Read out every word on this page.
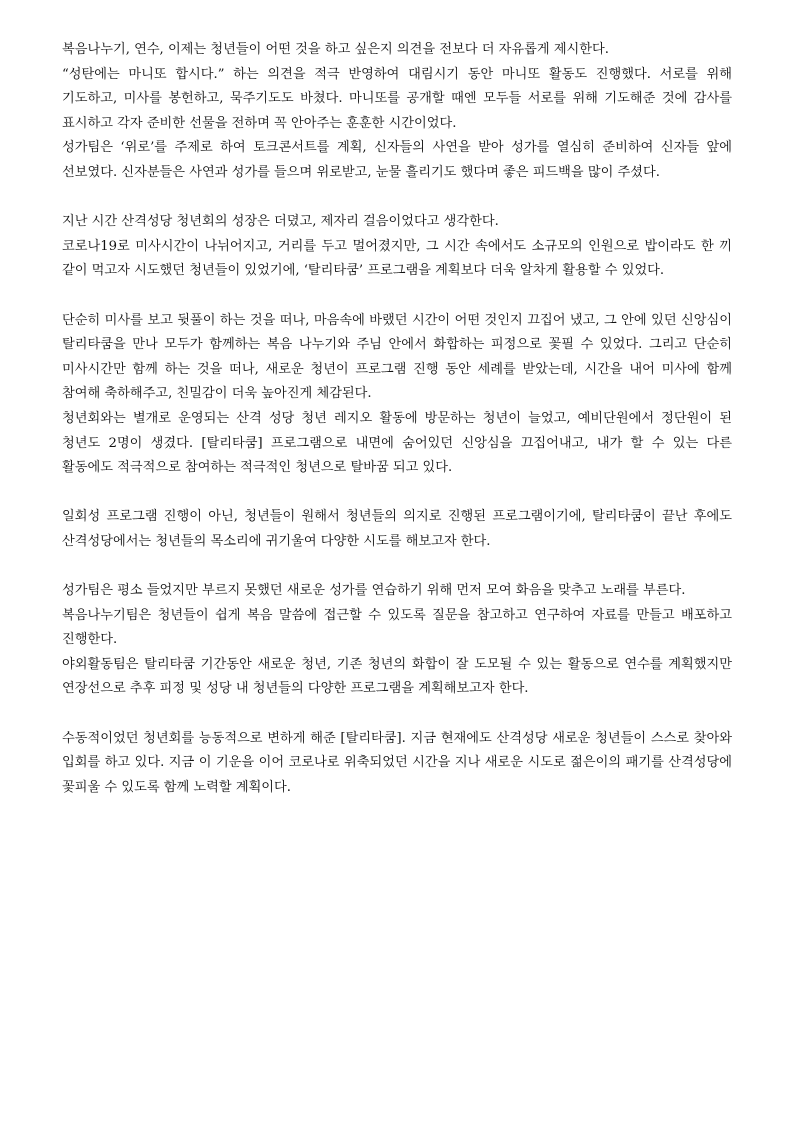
복음나누기, 연수, 이제는 청년들이 어떤 것을 하고 싶은지 의견을 전보다 더 자유롭게 제시한다.

“성탄에는 마니또 합시다.” 하는 의견을 적극 반영하여 대림시기 동안 마니또 활동도 진행했다. 서로를 위해 기도하고, 미사를 봉헌하고, 묵주기도도 바쳤다. 마니또를 공개할 때엔 모두들 서로를 위해 기도해준 것에 감사를 표시하고 각자 준비한 선물을 전하며 꼭 안아주는 훈훈한 시간이었다.

성가팀은 ‘위로’를 주제로 하여 토크콘서트를 계획, 신자들의 사연을 받아 성가를 열심히 준비하여 신자들 앞에 선보였다. 신자분들은 사연과 성가를 들으며 위로받고, 눈물 흘리기도 했다며 좋은 피드백을 많이 주셨다.

지난 시간 산격성당 청년회의 성장은 더뎠고, 제자리 걸음이었다고 생각한다.

코로나19로 미사시간이 나뉘어지고, 거리를 두고 멀어졌지만, 그 시간 속에서도 소규모의 인원으로 밥이라도 한 끼 같이 먹고자 시도했던 청년들이 있었기에, ‘탈리타쿰’ 프로그램을 계획보다 더욱 알차게 활용할 수 있었다.

단순히 미사를 보고 뒷풀이 하는 것을 떠나, 마음속에 바랬던 시간이 어떤 것인지 끄집어 냈고, 그 안에 있던 신앙심이 탈리타쿰을 만나 모두가 함께하는 복음 나누기와 주님 안에서 화합하는 피정으로 꽃필 수 있었다. 그리고 단순히 미사시간만 함께 하는 것을 떠나, 새로운 청년이 프로그램 진행 동안 세례를 받았는데, 시간을 내어 미사에 함께 참여해 축하해주고, 친밀감이 더욱 높아진게 체감된다.

청년회와는 별개로 운영되는 산격 성당 청년 레지오 활동에 방문하는 청년이 늘었고, 예비단원에서 정단원이 된 청년도 2명이 생겼다. [탈리타쿰] 프로그램으로 내면에 숨어있던 신앙심을 끄집어내고, 내가 할 수 있는 다른 활동에도 적극적으로 참여하는 적극적인 청년으로 탈바꿈 되고 있다.

일회성 프로그램 진행이 아닌, 청년들이 원해서 청년들의 의지로 진행된 프로그램이기에, 탈리타쿰이 끝난 후에도 산격성당에서는 청년들의 목소리에 귀기울여 다양한 시도를 해보고자 한다.

성가팀은 평소 들었지만 부르지 못했던 새로운 성가를 연습하기 위해 먼저 모여 화음을 맞추고 노래를 부른다.

복음나누기팀은 청년들이 쉽게 복음 말씀에 접근할 수 있도록 질문을 참고하고 연구하여 자료를 만들고 배포하고 진행한다.

야외활동팀은 탈리타쿰 기간동안 새로운 청년, 기존 청년의 화합이 잘 도모될 수 있는 활동으로 연수를 계획했지만 연장선으로 추후 피정 및 성당 내 청년들의 다양한 프로그램을 계획해보고자 한다.

수동적이었던 청년회를 능동적으로 변하게 해준 [탈리타쿰]. 지금 현재에도 산격성당 새로운 청년들이 스스로 찾아와 입회를 하고 있다. 지금 이 기운을 이어 코로나로 위축되었던 시간을 지나 새로운 시도로 젊은이의 패기를 산격성당에 꽃피울 수 있도록 함께 노력할 계획이다.
